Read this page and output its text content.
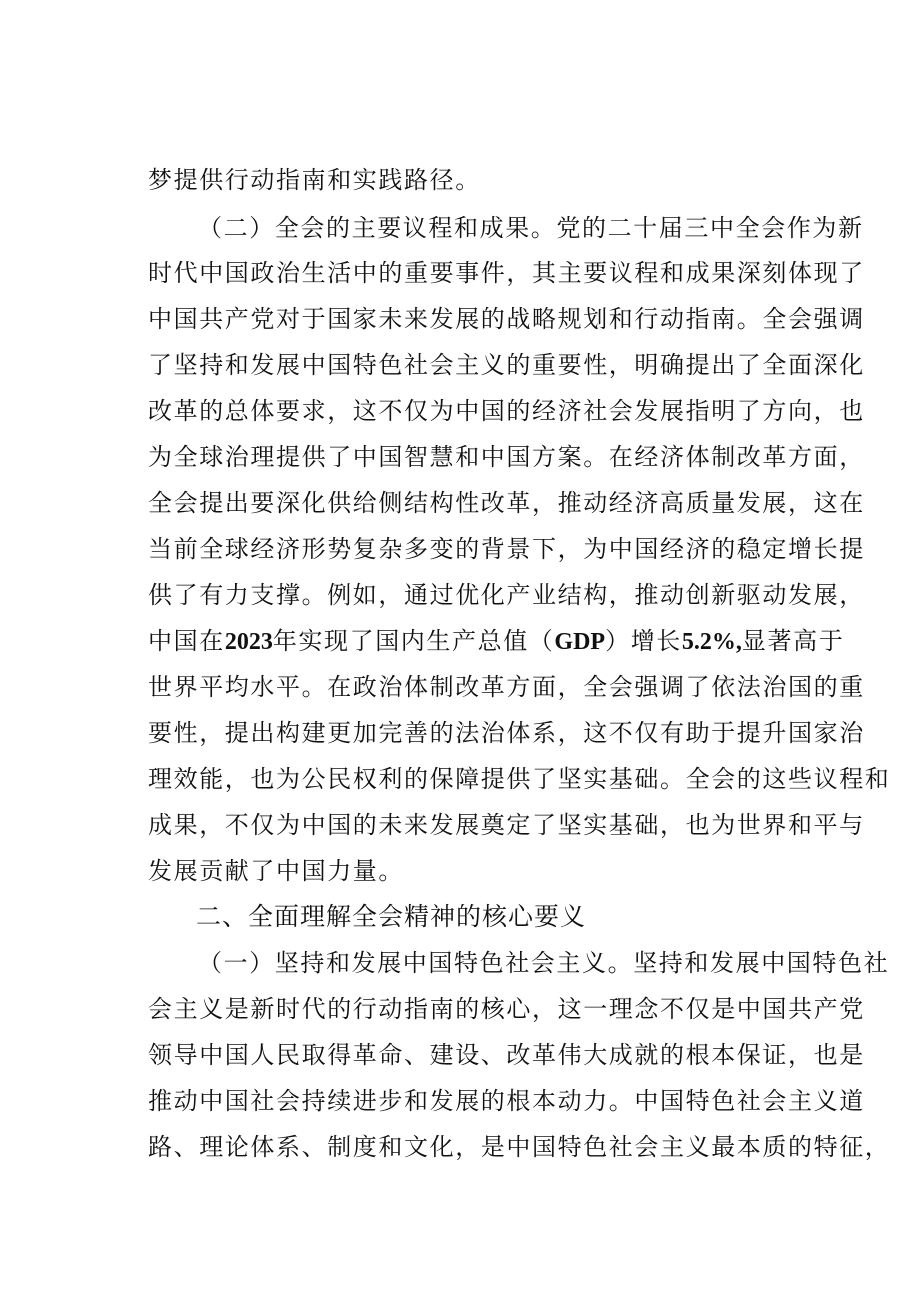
梦提供行动指南和实践路径。
（二）全会的主要议程和成果。党的二十届三中全会作为新
时代中国政治生活中的重要事件，其主要议程和成果深刻体现了
中国共产党对于国家未来发展的战略规划和行动指南。全会强调
了坚持和发展中国特色社会主义的重要性，明确提出了全面深化
改革的总体要求，这不仅为中国的经济社会发展指明了方向，也
为全球治理提供了中国智慧和中国方案。在经济体制改革方面，
全会提出要深化供给侧结构性改革，推动经济高质量发展，这在
当前全球经济形势复杂多变的背景下，为中国经济的稳定增长提
供了有力支撑。例如，通过优化产业结构，推动创新驱动发展，
中国在2023年实现了国内生产总值（GDP）增长5.2%,显著高于
世界平均水平。在政治体制改革方面，全会强调了依法治国的重
要性，提出构建更加完善的法治体系，这不仅有助于提升国家治
理效能，也为公民权利的保障提供了坚实基础。全会的这些议程和
成果，不仅为中国的未来发展奠定了坚实基础，也为世界和平与
发展贡献了中国力量。
二、全面理解全会精神的核心要义
（一）坚持和发展中国特色社会主义。坚持和发展中国特色社
会主义是新时代的行动指南的核心，这一理念不仅是中国共产党
领导中国人民取得革命、建设、改革伟大成就的根本保证，也是
推动中国社会持续进步和发展的根本动力。中国特色社会主义道
路、理论体系、制度和文化，是中国特色社会主义最本质的特征，
